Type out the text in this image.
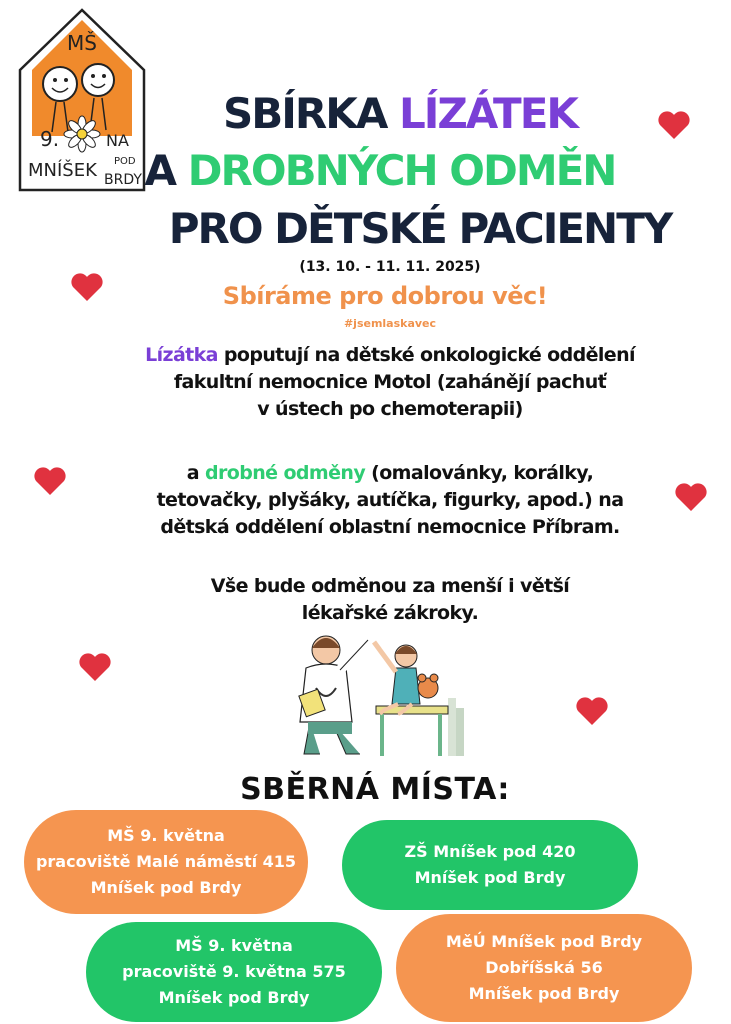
MŠ
9.	NA
MNÍŠEK POD
BRDY
SBÍRKA LÍZÁTEK
A DROBNÝCH ODMĚN
PRO DĚTSKÉ PACIENTY
(13. 10. - 11. 11. 2025)
Sbíráme pro dobrou věc!
#jsemlaskavec
Lízátka poputují na dětské onkologické oddělení
fakultní nemocnice Motol (zahánějí pachuť
v ústech po chemoterapii)
a drobné odměny (omalovánky, korálky,
tetovačky, plyšáky, autíčka, figurky, apod.) na
dětská oddělení oblastní nemocnice Příbram.
Vše bude odměnou za menší i větší
lékařské zákroky.
SBĚRNÁ MÍSTA:
MŠ 9. května
pracoviště Malé náměstí 415
Mníšek pod Brdy
ZŠ Mníšek pod 420
Mníšek pod Brdy
MŠ 9. května
pracoviště 9. května 575
Mníšek pod Brdy
MěÚ Mníšek pod Brdy
Dobříšská 56
Mníšek pod Brdy
